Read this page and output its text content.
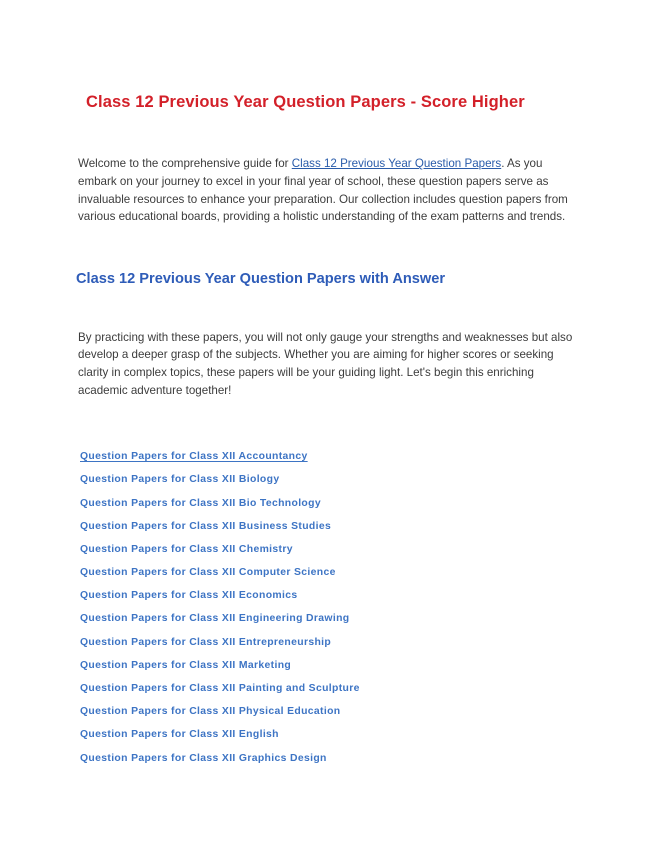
Class 12 Previous Year Question Papers - Score Higher

Welcome to the comprehensive guide for Class 12 Previous Year Question Papers. As you embark on your journey to excel in your final year of school, these question papers serve as invaluable resources to enhance your preparation. Our collection includes question papers from various educational boards, providing a holistic understanding of the exam patterns and trends.

Class 12 Previous Year Question Papers with Answer

By practicing with these papers, you will not only gauge your strengths and weaknesses but also develop a deeper grasp of the subjects. Whether you are aiming for higher scores or seeking clarity in complex topics, these papers will be your guiding light. Let's begin this enriching academic adventure together!

Question Papers for Class XII Accountancy
Question Papers for Class XII Biology
Question Papers for Class XII Bio Technology
Question Papers for Class XII Business Studies
Question Papers for Class XII Chemistry
Question Papers for Class XII Computer Science
Question Papers for Class XII Economics
Question Papers for Class XII Engineering Drawing
Question Papers for Class XII Entrepreneurship
Question Papers for Class XII Marketing
Question Papers for Class XII Painting and Sculpture
Question Papers for Class XII Physical Education
Question Papers for Class XII English
Question Papers for Class XII Graphics Design
